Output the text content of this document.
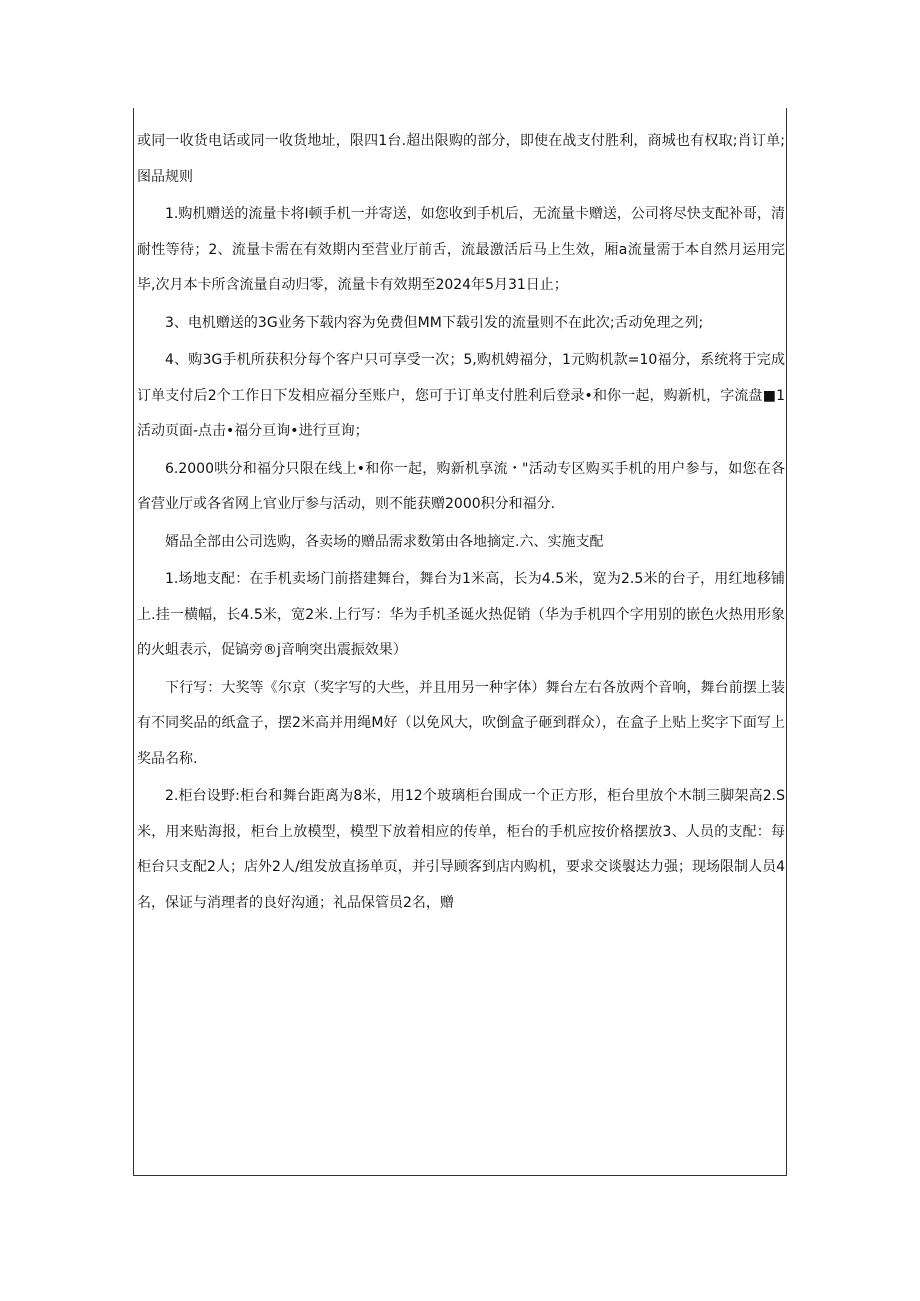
或同一收货电话或同一收货地址，限四1台.超出限购的部分，即使在战支付胜利，商城也有权取;肖订单;图品规则

1.购机赠送的流量卡将I顿手机一并寄送，如您收到手机后，无流量卡赠送，公司将尽快支配补哥，清耐性等待；2、流量卡需在有效期内至营业厅前舌，流最激活后马上生效，厢a流量需于本自然月运用完毕,次月本卡所含流量自动归零，流量卡有效期至2024年5月31日止；

3、电机赠送的3G业务下载内容为免费但MM下载引发的流量则不在此次;舌动免理之列;

4、购3G手机所获积分每个客户只可享受一次；5,购机娉福分，1元购机款=10福分，系统将于完成订单支付后2个工作日下发相应福分至账户，您可于订单支付胜利后登录•和你一起，购新机，字流盘■1活动页面-点击•福分亘询•进行亘询；

6.2000哄分和福分只限在线上•和你一起，购新机享流・"活动专区购买手机的用户参与，如您在各省营业厅或各省网上官业厅参与活动，则不能获赠2000积分和福分.

婿品全部由公司选购，各卖场的赠品需求数第由各地摘定.六、实施支配

1.场地支配：在手机卖场门前搭建舞台，舞台为1米高，长为4.5米，宽为2.5米的台子，用红地移铺上.挂一横幅，长4.5米，宽2米.上行写：华为手机圣诞火热促销（华为手机四个字用别的嵌色火热用形象的火蛆表示，促镐旁®j音响突出震振效果）

下行写：大奖等《尔京（奖字写的大些，并且用另一种字体）舞台左右各放两个音响，舞台前摆上装有不同奖品的纸盒子，摆2米高并用绳M好（以免风大，吹倒盒子砸到群众），在盒子上贴上奖字下面写上奖品名称.

2.柜台设野:柜台和舞台距离为8米，用12个玻璃柜台围成一个正方形，柜台里放个木制三脚架高2.S米，用来贴海报，柜台上放模型，模型下放着相应的传单，柜台的手机应按价格摆放3、人员的支配：每柜台只支配2人；店外2人/组发放直扬单页，并引导顾客到店内购机，要求交谈褽达力强；现场限制人员4名，保证与消理者的良好沟通；礼品保管员2名，赠
